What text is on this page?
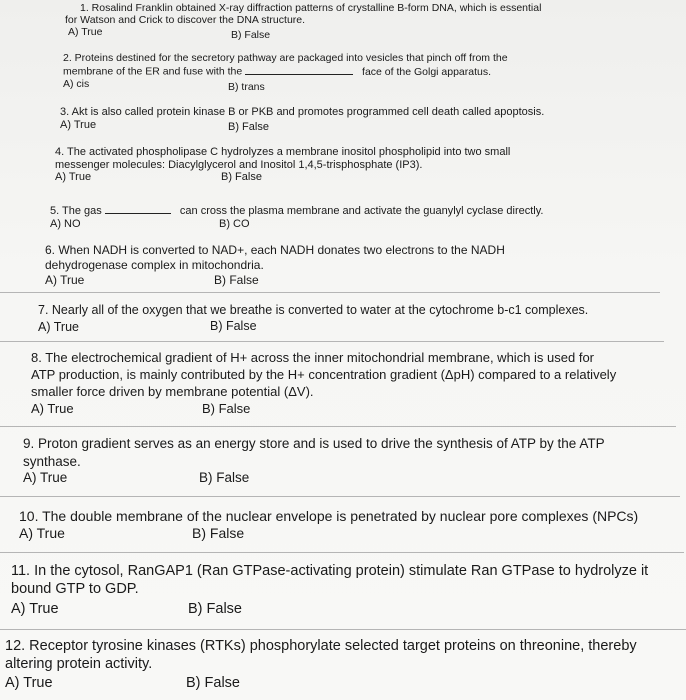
1. Rosalind Franklin obtained X-ray diffraction patterns of crystalline B-form DNA, which is essential
for Watson and Crick to discover the DNA structure.
A) True	B) False
2. Proteins destined for the secretory pathway are packaged into vesicles that pinch off from the
membrane of the ER and fuse with the	face of the Golgi apparatus.
A) cis	B) trans
3. Akt is also called protein kinase B or PKB and promotes programmed cell death called apoptosis.
A) True	B) False
4. The activated phospholipase C hydrolyzes a membrane inositol phospholipid into two small
messenger molecules: Diacylglycerol and Inositol 1,4,5-trisphosphate (IP3).
A) True	B) False
5. The gas	can cross the plasma membrane and activate the guanylyl cyclase directly.
A) NO	B) CO
6. When NADH is converted to NAD+, each NADH donates two electrons to the NADH
dehydrogenase complex in mitochondria.
A) True	B) False
7. Nearly all of the oxygen that we breathe is converted to water at the cytochrome b-c1 complexes.
A) True	B) False
8. The electrochemical gradient of H+ across the inner mitochondrial membrane, which is used for
ATP production, is mainly contributed by the H+ concentration gradient (ΔpH) compared to a relatively
smaller force driven by membrane potential (ΔV).
A) True	B) False
9. Proton gradient serves as an energy store and is used to drive the synthesis of ATP by the ATP
synthase.
A) True	B) False
10. The double membrane of the nuclear envelope is penetrated by nuclear pore complexes (NPCs)
A) True	B) False
11. In the cytosol, RanGAP1 (Ran GTPase-activating protein) stimulate Ran GTPase to hydrolyze it
bound GTP to GDP.
A) True	B) False
12. Receptor tyrosine kinases (RTKs) phosphorylate selected target proteins on threonine, thereby
altering protein activity.
A) True	B) False
